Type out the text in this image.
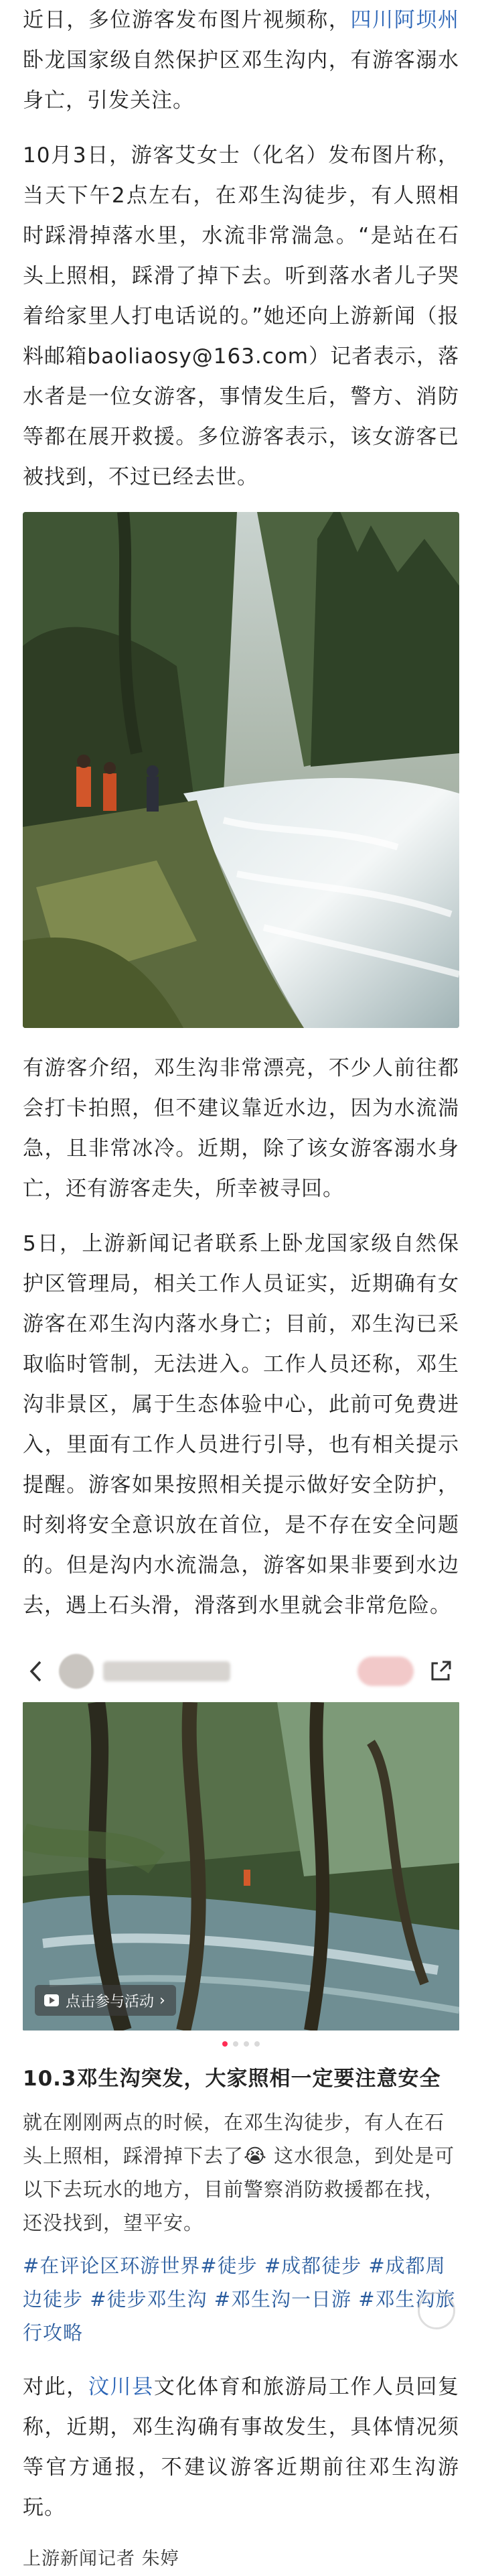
近日，多位游客发布图片视频称，四川阿坝州卧龙国家级自然保护区邓生沟内，有游客溺水身亡，引发关注。

10月3日，游客艾女士（化名）发布图片称，当天下午2点左右，在邓生沟徒步，有人照相时踩滑掉落水里，水流非常湍急。“是站在石头上照相，踩滑了掉下去。听到落水者儿子哭着给家里人打电话说的。”她还向上游新闻（报料邮箱baoliaosy@163.com）记者表示，落水者是一位女游客，事情发生后，警方、消防等都在展开救援。多位游客表示，该女游客已被找到，不过已经去世。

有游客介绍，邓生沟非常漂亮，不少人前往都会打卡拍照，但不建议靠近水边，因为水流湍急，且非常冰冷。近期，除了该女游客溺水身亡，还有游客走失，所幸被寻回。

5日，上游新闻记者联系上卧龙国家级自然保护区管理局，相关工作人员证实，近期确有女游客在邓生沟内落水身亡；目前，邓生沟已采取临时管制，无法进入。工作人员还称，邓生沟非景区，属于生态体验中心，此前可免费进入，里面有工作人员进行引导，也有相关提示提醒。游客如果按照相关提示做好安全防护，时刻将安全意识放在首位，是不存在安全问题的。但是沟内水流湍急，游客如果非要到水边去，遇上石头滑，滑落到水里就会非常危险。

点击参与活动 ›
10.3邓生沟突发，大家照相一定要注意安全
就在刚刚两点的时候，在邓生沟徒步，有人在石头上照相，踩滑掉下去了😭 这水很急，到处是可以下去玩水的地方，目前警察消防救援都在找，还没找到，望平安。
#在评论区环游世界#徒步 #成都徒步 #成都周边徒步 #徒步邓生沟 #邓生沟一日游 #邓生沟旅行攻略

对此，汶川县文化体育和旅游局工作人员回复称，近期，邓生沟确有事故发生，具体情况须等官方通报，不建议游客近期前往邓生沟游玩。

上游新闻记者 朱婷
